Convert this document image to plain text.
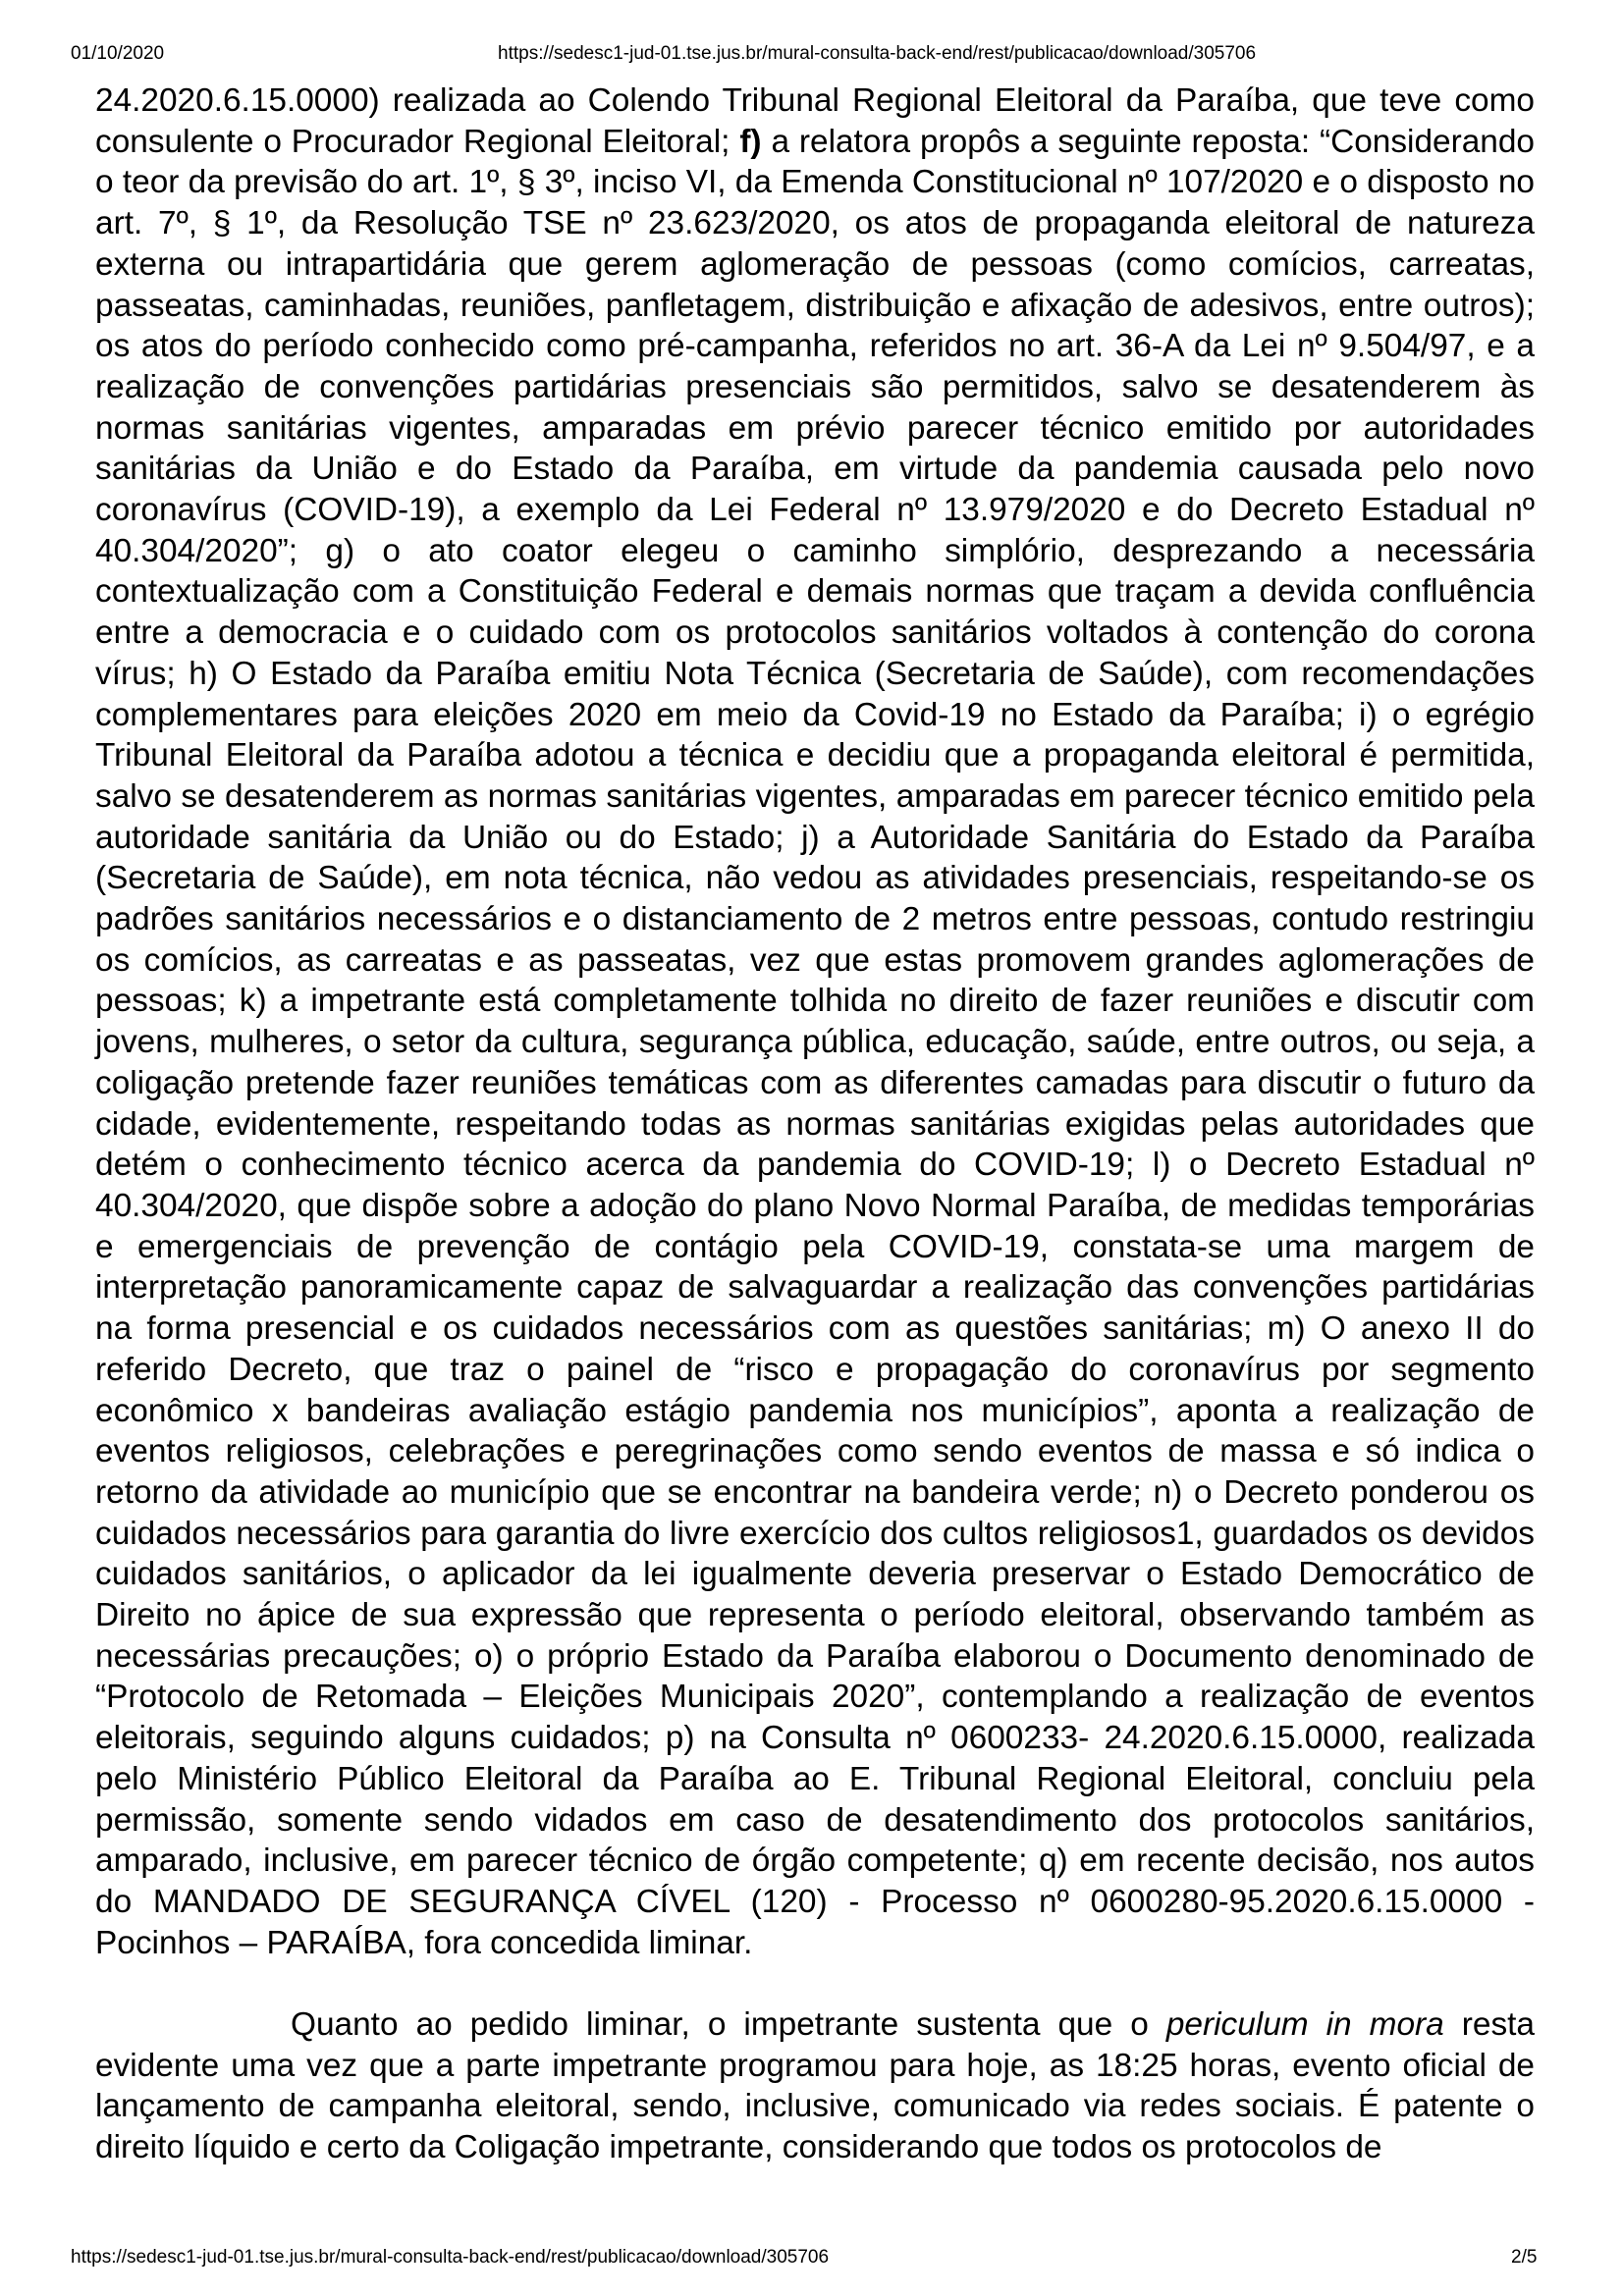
01/10/2020	https://sedesc1-jud-01.tse.jus.br/mural-consulta-back-end/rest/publicacao/download/305706

24.2020.6.15.0000) realizada ao Colendo Tribunal Regional Eleitoral da Paraíba, que teve como consulente o Procurador Regional Eleitoral; f) a relatora propôs a seguinte reposta: “Considerando o teor da previsão do art. 1º, § 3º, inciso VI, da Emenda Constitucional nº 107/2020 e o disposto no art. 7º, § 1º, da Resolução TSE nº 23.623/2020, os atos de propaganda eleitoral de natureza externa ou intrapartidária que gerem aglomeração de pessoas (como comícios, carreatas, passeatas, caminhadas, reuniões, panfletagem, distribuição e afixação de adesivos, entre outros); os atos do período conhecido como pré-campanha, referidos no art. 36-A da Lei nº 9.504/97, e a realização de convenções partidárias presenciais são permitidos, salvo se desatenderem às normas sanitárias vigentes, amparadas em prévio parecer técnico emitido por autoridades sanitárias da União e do Estado da Paraíba, em virtude da pandemia causada pelo novo coronavírus (COVID-19), a exemplo da Lei Federal nº 13.979/2020 e do Decreto Estadual nº 40.304/2020”; g) o ato coator elegeu o caminho simplório, desprezando a necessária contextualização com a Constituição Federal e demais normas que traçam a devida confluência entre a democracia e o cuidado com os protocolos sanitários voltados à contenção do corona vírus; h) O Estado da Paraíba emitiu Nota Técnica (Secretaria de Saúde), com recomendações complementares para eleições 2020 em meio da Covid-19 no Estado da Paraíba; i) o egrégio Tribunal Eleitoral da Paraíba adotou a técnica e decidiu que a propaganda eleitoral é permitida, salvo se desatenderem as normas sanitárias vigentes, amparadas em parecer técnico emitido pela autoridade sanitária da União ou do Estado; j) a Autoridade Sanitária do Estado da Paraíba (Secretaria de Saúde), em nota técnica, não vedou as atividades presenciais, respeitando-se os padrões sanitários necessários e o distanciamento de 2 metros entre pessoas, contudo restringiu os comícios, as carreatas e as passeatas, vez que estas promovem grandes aglomerações de pessoas; k) a impetrante está completamente tolhida no direito de fazer reuniões e discutir com jovens, mulheres, o setor da cultura, segurança pública, educação, saúde, entre outros, ou seja, a coligação pretende fazer reuniões temáticas com as diferentes camadas para discutir o futuro da cidade, evidentemente, respeitando todas as normas sanitárias exigidas pelas autoridades que detém o conhecimento técnico acerca da pandemia do COVID-19; l) o Decreto Estadual nº 40.304/2020, que dispõe sobre a adoção do plano Novo Normal Paraíba, de medidas temporárias e emergenciais de prevenção de contágio pela COVID-19, constata-se uma margem de interpretação panoramicamente capaz de salvaguardar a realização das convenções partidárias na forma presencial e os cuidados necessários com as questões sanitárias; m) O anexo II do referido Decreto, que traz o painel de “risco e propagação do coronavírus por segmento econômico x bandeiras avaliação estágio pandemia nos municípios”, aponta a realização de eventos religiosos, celebrações e peregrinações como sendo eventos de massa e só indica o retorno da atividade ao município que se encontrar na bandeira verde; n) o Decreto ponderou os cuidados necessários para garantia do livre exercício dos cultos religiosos1, guardados os devidos cuidados sanitários, o aplicador da lei igualmente deveria preservar o Estado Democrático de Direito no ápice de sua expressão que representa o período eleitoral, observando também as necessárias precauções; o) o próprio Estado da Paraíba elaborou o Documento denominado de “Protocolo de Retomada – Eleições Municipais 2020”, contemplando a realização de eventos eleitorais, seguindo alguns cuidados; p) na Consulta nº 0600233- 24.2020.6.15.0000, realizada pelo Ministério Público Eleitoral da Paraíba ao E. Tribunal Regional Eleitoral, concluiu pela permissão, somente sendo vidados em caso de desatendimento dos protocolos sanitários, amparado, inclusive, em parecer técnico de órgão competente; q) em recente decisão, nos autos do MANDADO DE SEGURANÇA CÍVEL (120) - Processo nº 0600280-95.2020.6.15.0000 - Pocinhos – PARAÍBA, fora concedida liminar.

Quanto ao pedido liminar, o impetrante sustenta que o periculum in mora resta evidente uma vez que a parte impetrante programou para hoje, as 18:25 horas, evento oficial de lançamento de campanha eleitoral, sendo, inclusive, comunicado via redes sociais. É patente o direito líquido e certo da Coligação impetrante, considerando que todos os protocolos de

https://sedesc1-jud-01.tse.jus.br/mural-consulta-back-end/rest/publicacao/download/305706	2/5
